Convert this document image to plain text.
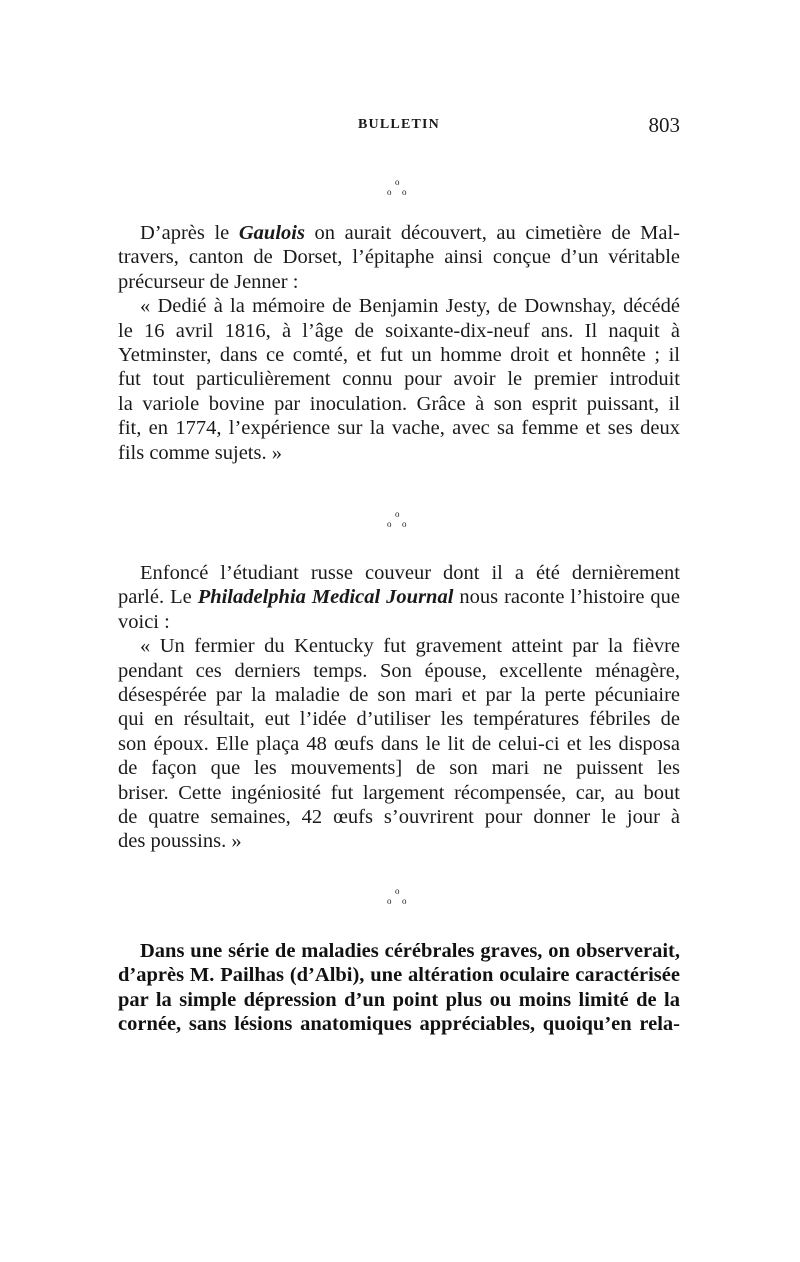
BULLETIN	803
o
o o
D’après le Gaulois on aurait découvert, au cimetière de Mal-
travers, canton de Dorset, l’épitaphe ainsi conçue d’un véritable
précurseur de Jenner :
« Dedié à la mémoire de Benjamin Jesty, de Downshay, décédé
le 16 avril 1816, à l’âge de soixante-dix-neuf ans. Il naquit à
Yetminster, dans ce comté, et fut un homme droit et honnête ; il
fut tout particulièrement connu pour avoir le premier introduit
la variole bovine par inoculation. Grâce à son esprit puissant, il
fit, en 1774, l’expérience sur la vache, avec sa femme et ses deux
fils comme sujets. »
o
o o
Enfoncé l’étudiant russe couveur dont il a été dernièrement
parlé. Le Philadelphia Medical Journal nous raconte l’histoire que
voici :
« Un fermier du Kentucky fut gravement atteint par la fièvre
pendant ces derniers temps. Son épouse, excellente ménagère,
désespérée par la maladie de son mari et par la perte pécuniaire
qui en résultait, eut l’idée d’utiliser les températures fébriles de
son époux. Elle plaça 48 œufs dans le lit de celui-ci et les disposa
de façon que les mouvements] de son mari ne puissent les
briser. Cette ingéniosité fut largement récompensée, car, au bout
de quatre semaines, 42 œufs s’ouvrirent pour donner le jour à
des poussins. »
o
o o
Dans une série de maladies cérébrales graves, on observerait,
d’après M. Pailhas (d’Albi), une altération oculaire caractérisée
par la simple dépression d’un point plus ou moins limité de la
cornée, sans lésions anatomiques appréciables, quoiqu’en rela-
